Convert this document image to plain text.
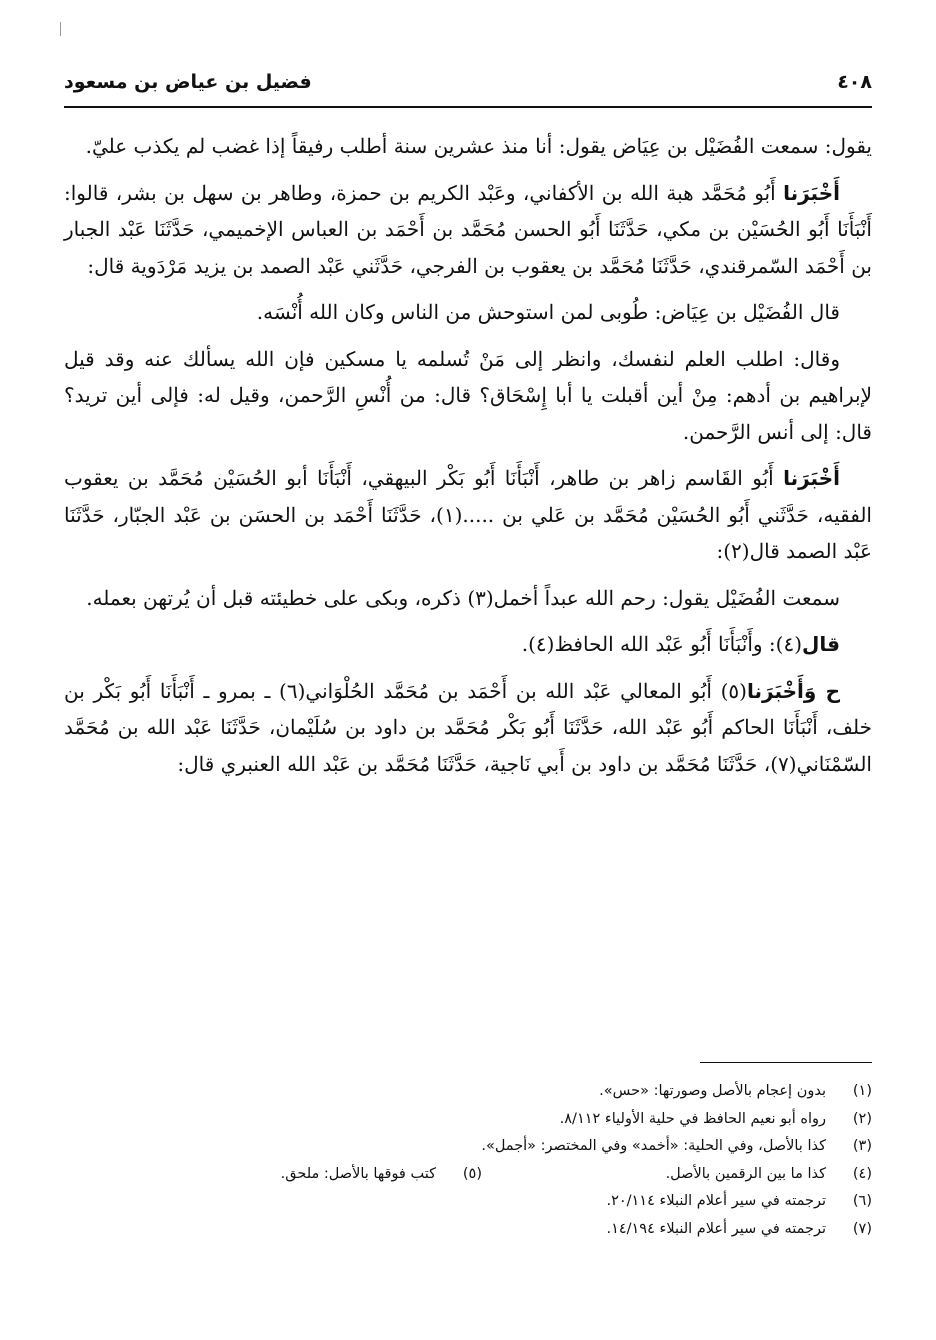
٤٠٨
فضيل بن عياض بن مسعود

يقول: سمعت الفُضَيْل بن عِيَاض يقول: أنا منذ عشرين سنة أطلب رفيقاً إذا غضب لم يكذب عليّ.

أَخْبَرَنا أَبُو مُحَمَّد هبة الله بن الأكفاني، وعَبْد الكريم بن حمزة، وطاهر بن سهل بن بشر، قالوا: أَنْبَأَنَا أَبُو الحُسَيْن بن مكي، حَدَّثَنَا أَبُو الحسن مُحَمَّد بن أَحْمَد بن العباس الإخميمي، حَدَّثَنَا عَبْد الجبار بن أَحْمَد السّمرقندي، حَدَّثَنَا مُحَمَّد بن يعقوب بن الفرجي، حَدَّثَني عَبْد الصمد بن يزيد مَرْدَوية قال:

قال الفُضَيْل بن عِيَاض: طُوبى لمن استوحش من الناس وكان الله أُنْسَه.

وقال: اطلب العلم لنفسك، وانظر إلى مَنْ تُسلمه يا مسكين فإن الله يسألك عنه وقد قيل لإبراهيم بن أدهم: مِنْ أين أقبلت يا أبا إِسْحَاق؟ قال: من أُنْسِ الرَّحمن، وقيل له: فإلى أين تريد؟ قال: إلى أنس الرَّحمن.

أَخْبَرَنا أَبُو القَاسم زاهر بن طاهر، أَنْبَأَنَا أَبُو بَكْر البيهقي، أَنْبَأَنَا أبو الحُسَيْن مُحَمَّد بن يعقوب الفقيه، حَدَّثَني أَبُو الحُسَيْن مُحَمَّد بن عَلي بن .....(١)، حَدَّثَنَا أَحْمَد بن الحسَن بن عَبْد الجبّار، حَدَّثَنَا عَبْد الصمد قال(٢):

سمعت الفُضَيْل يقول: رحم الله عبداً أخمل(٣) ذكره، وبكى على خطيئته قبل أن يُرتهن بعمله.

قال(٤): وأَنْبَأَنَا أَبُو عَبْد الله الحافظ(٤).

ح وَأَخْبَرَنا(٥) أَبُو المعالي عَبْد الله بن أَحْمَد بن مُحَمَّد الحُلْوَاني(٦) ـ بمرو ـ أَنْبَأَنَا أَبُو بَكْر بن خلف، أَنْبَأَنَا الحاكم أَبُو عَبْد الله، حَدَّثَنَا أَبُو بَكْر مُحَمَّد بن داود بن سُلَيْمان، حَدَّثَنَا عَبْد الله بن مُحَمَّد السّمْنَاني(٧)، حَدَّثَنَا مُحَمَّد بن داود بن أَبي نَاجية، حَدَّثَنَا مُحَمَّد بن عَبْد الله العنبري قال:

(١)
بدون إعجام بالأصل وصورتها: «حس».
(٢)
رواه أبو نعيم الحافظ في حلية الأولياء ٨/١١٢.
(٣)
كذا بالأصل، وفي الحلية: «أخمد» وفي المختصر: «أجمل».
(٤)
كذا ما بين الرقمين بالأصل.
(٥)
كتب فوقها بالأصل: ملحق.
(٦)
ترجمته في سير أعلام النبلاء ٢٠/١١٤.
(٧)
ترجمته في سير أعلام النبلاء ١٤/١٩٤.
